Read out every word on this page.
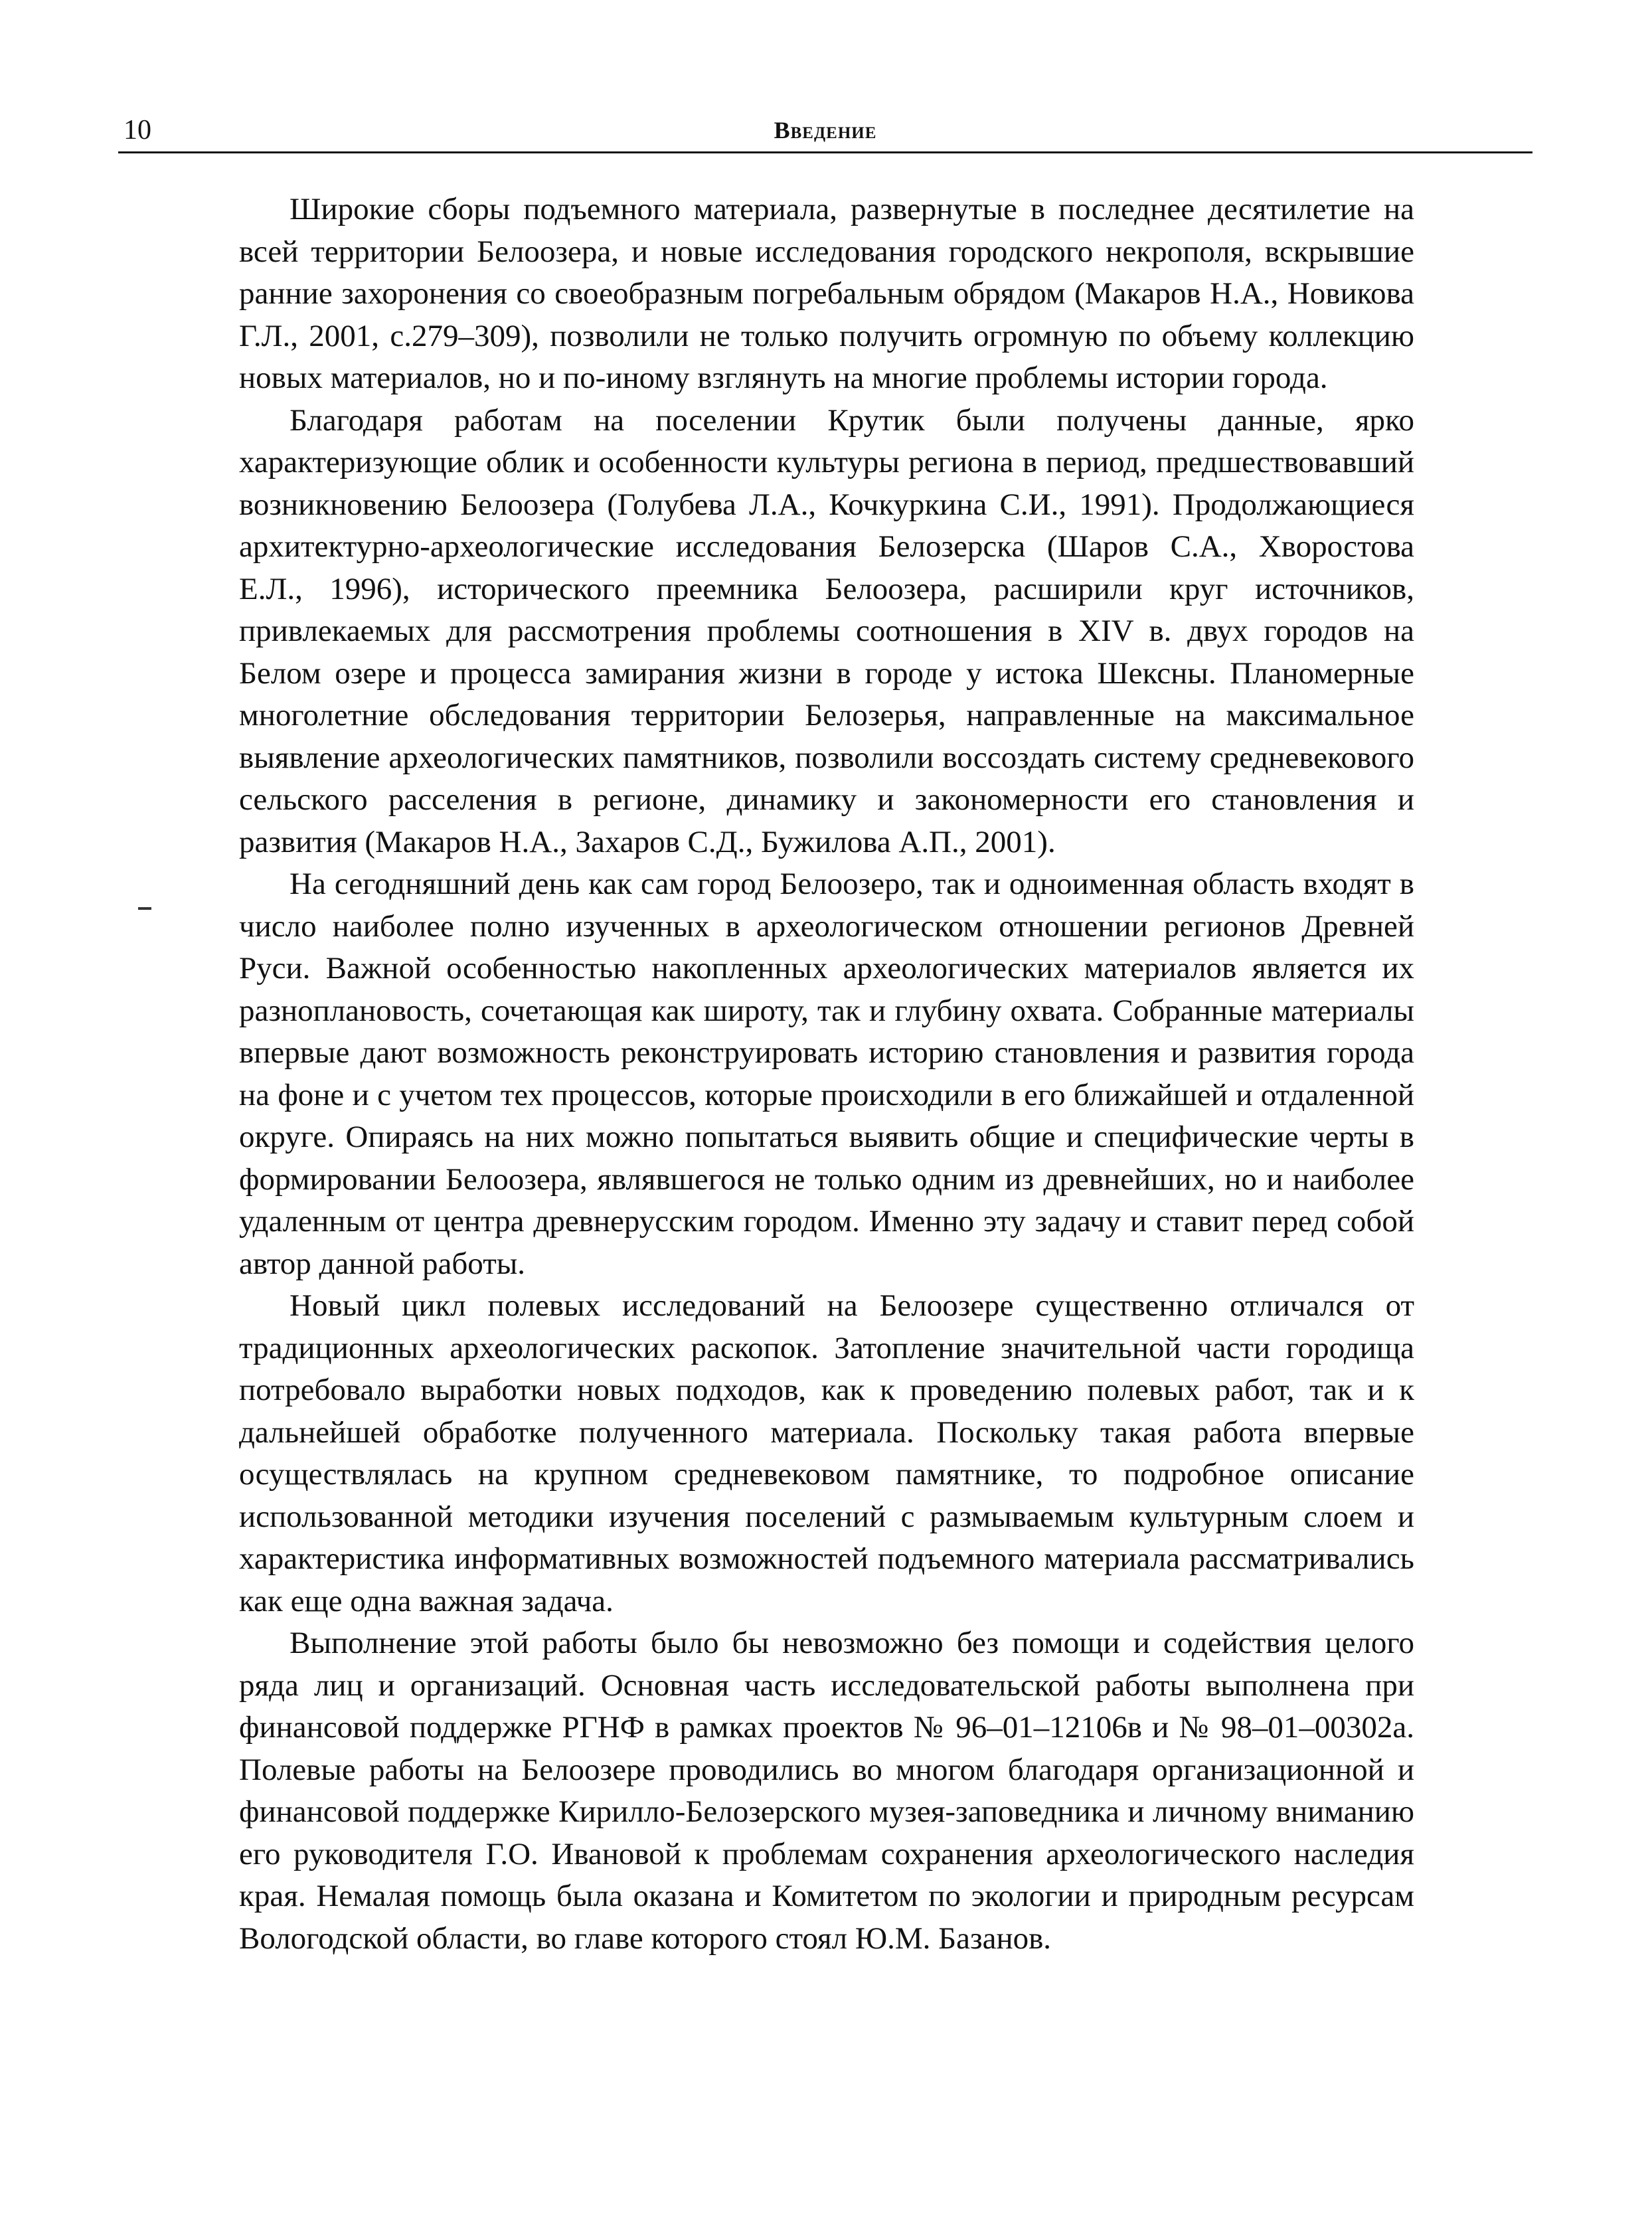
10	Введение

Широкие сборы подъемного материала, развернутые в последнее десятилетие на всей территории Белоозера, и новые исследования городского некрополя, вскрывшие ранние захоронения со своеобразным погребальным обрядом (Макаров Н.А., Новикова Г.Л., 2001, с.279–309), позволили не только получить огромную по объему коллекцию новых материалов, но и по-иному взглянуть на многие проблемы истории города.

Благодаря работам на поселении Крутик были получены данные, ярко характеризующие облик и особенности культуры региона в период, предшествовавший возникновению Белоозера (Голубева Л.А., Кочкуркина С.И., 1991). Продолжающиеся архитектурно-археологические исследования Белозерска (Шаров С.А., Хворостова Е.Л., 1996), исторического преемника Белоозера, расширили круг источников, привлекаемых для рассмотрения проблемы соотношения в XIV в. двух городов на Белом озере и процесса замирания жизни в городе у истока Шексны. Планомерные многолетние обследования территории Белозерья, направленные на максимальное выявление археологических памятников, позволили воссоздать систему средневекового сельского расселения в регионе, динамику и закономерности его становления и развития (Макаров Н.А., Захаров С.Д., Бужилова А.П., 2001).

На сегодняшний день как сам город Белоозеро, так и одноименная область входят в число наиболее полно изученных в археологическом отношении регионов Древней Руси. Важной особенностью накопленных археологических материалов является их разноплановость, сочетающая как широту, так и глубину охвата. Собранные материалы впервые дают возможность реконструировать историю становления и развития города на фоне и с учетом тех процессов, которые происходили в его ближайшей и отдаленной округе. Опираясь на них можно попытаться выявить общие и специфические черты в формировании Белоозера, являвшегося не только одним из древнейших, но и наиболее удаленным от центра древнерусским городом. Именно эту задачу и ставит перед собой автор данной работы.

Новый цикл полевых исследований на Белоозере существенно отличался от традиционных археологических раскопок. Затопление значительной части городища потребовало выработки новых подходов, как к проведению полевых работ, так и к дальнейшей обработке полученного материала. Поскольку такая работа впервые осуществлялась на крупном средневековом памятнике, то подробное описание использованной методики изучения поселений с размываемым культурным слоем и характеристика информативных возможностей подъемного материала рассматривались как еще одна важная задача.

Выполнение этой работы было бы невозможно без помощи и содействия целого ряда лиц и организаций. Основная часть исследовательской работы выполнена при финансовой поддержке РГНФ в рамках проектов № 96–01–12106в и № 98–01–00302а. Полевые работы на Белоозере проводились во многом благодаря организационной и финансовой поддержке Кирилло-Белозерского музея-заповедника и личному вниманию его руководителя Г.О. Ивановой к проблемам сохранения археологического наследия края. Немалая помощь была оказана и Комитетом по экологии и природным ресурсам Вологодской области, во главе которого стоял Ю.М. Базанов.
